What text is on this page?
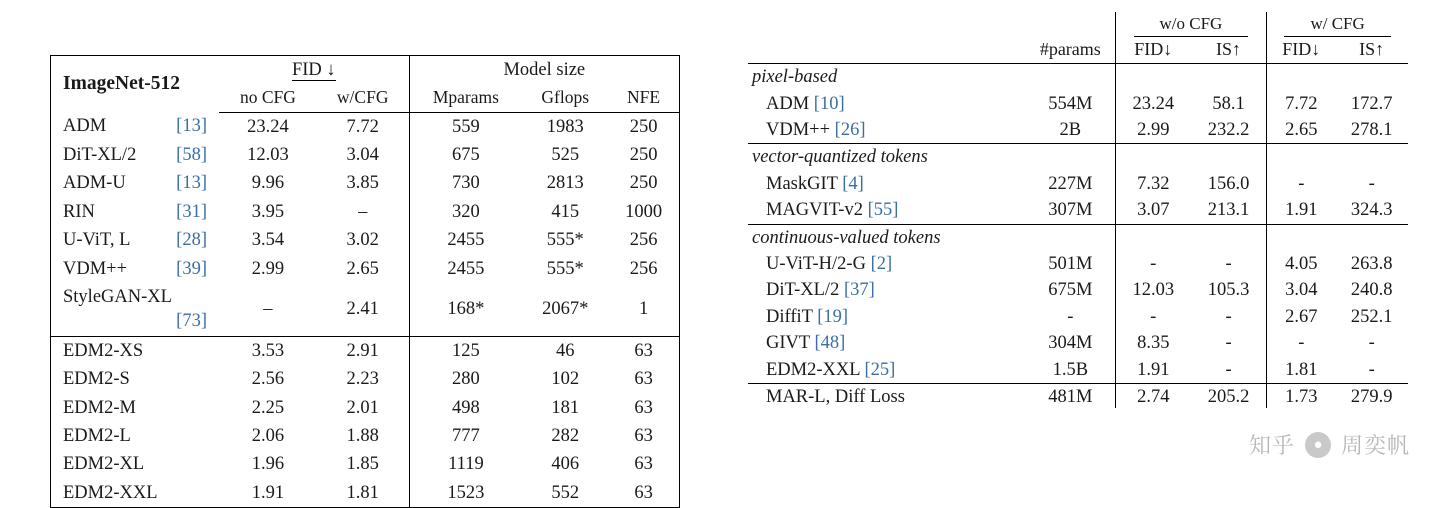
ImageNet-512	FID ↓		Model size		
	no CFG	w/CFG	Mparams	Gflops	NFE
ADM [13]	23.24	7.72	559	1983	250
DiT-XL/2 [58]	12.03	3.04	675	525	250
ADM-U [13]	9.96	3.85	730	2813	250
RIN [31]	3.95	–	320	415	1000
U-ViT, L [28]	3.54	3.02	2455	555*	256
VDM++ [39]	2.99	2.65	2455	555*	256
StyleGAN-XL
[73]	–	2.41	168*	2067*	1
EDM2-XS	3.53	2.91	125	46	63
EDM2-S	2.56	2.23	280	102	63
EDM2-M	2.25	2.01	498	181	63
EDM2-L	2.06	1.88	777	282	63
EDM2-XL	1.96	1.85	1119	406	63
EDM2-XXL	1.91	1.81	1523	552	63
		w/o CFG		w/ CFG	
	#params	FID↓	IS↑	FID↓	IS↑
pixel-based					
ADM [10]	554M	23.24	58.1	7.72	172.7
VDM++ [26]	2B	2.99	232.2	2.65	278.1
vector-quantized tokens					
MaskGIT [4]	227M	7.32	156.0	-	-
MAGVIT-v2 [55]	307M	3.07	213.1	1.91	324.3
continuous-valued tokens					
U-ViT-H/2-G [2]	501M	-	-	4.05	263.8
DiT-XL/2 [37]	675M	12.03	105.3	3.04	240.8
DiffiT [19]	-	-	-	2.67	252.1
GIVT [48]	304M	8.35	-	-	-
EDM2-XXL [25]	1.5B	1.91	-	1.81	-
MAR-L, Diff Loss	481M	2.74	205.2	1.73	279.9
知乎	● 周奕帆
